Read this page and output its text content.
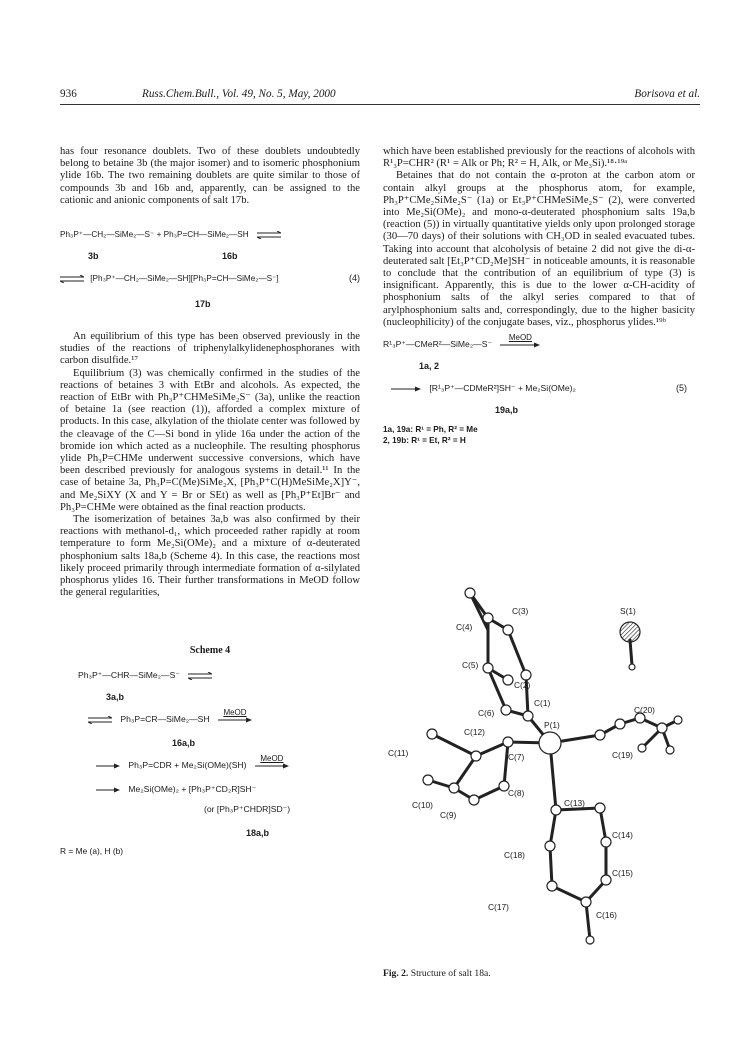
936	Russ.Chem.Bull., Vol. 49, No. 5, May, 2000	Borisova et al.

has four resonance doublets. Two of these doublets undoubtedly belong to betaine 3b (the major isomer) and to isomeric phosphonium ylide 16b. The two remaining doublets are quite similar to those of compounds 3b and 16b and, apparently, can be assigned to the cationic and anionic components of salt 17b.

Ph₃P⁺—CH₂—SiMe₂—S⁻ + Ph₃P=CH—SiMe₂—SH ⇌
3b	16b
⇌ [Ph₃P⁺—CH₂—SiMe₂—SH][Ph₃P=CH—SiMe₂—S⁻]	(4)
17b

An equilibrium of this type has been observed previously in the studies of the reactions of triphenylalkylidenephosphoranes with carbon disulfide.¹⁷

Equilibrium (3) was chemically confirmed in the studies of the reactions of betaines 3 with EtBr and alcohols. As expected, the reaction of EtBr with Ph₃P⁺CHMeSiMe₂S⁻ (3a), unlike the reaction of betaine 1a (see reaction (1)), afforded a complex mixture of products. In this case, alkylation of the thiolate center was followed by the cleavage of the C—Si bond in ylide 16a under the action of the bromide ion which acted as a nucleophile. The resulting phosphorus ylide Ph₃P=CHMe underwent successive conversions, which have been described previously for analogous systems in detail.¹¹ In the case of betaine 3a, Ph₃P=C(Me)SiMe₂X, [Ph₃P⁺C(H)MeSiMe₂X]Y⁻, and Me₂SiXY (X and Y = Br or SEt) as well as [Ph₃P⁺Et]Br⁻ and Ph₃P=CHMe were obtained as the final reaction products.

The isomerization of betaines 3a,b was also confirmed by their reactions with methanol-d₁, which proceeded rather rapidly at room temperature to form Me₂Si(OMe)₂ and a mixture of α-deuterated phosphonium salts 18a,b (Scheme 4). In this case, the reactions most likely proceed primarily through intermediate formation of α-silylated phosphorus ylides 16. Their further transformations in MeOD follow the general regularities,

Scheme 4
Ph₃P⁺—CHR—SiMe₂—S⁻ ⇌
3a,b
⇌ Ph₃P=CR—SiMe₂—SH
MeOD
16a,b
→ Ph₃P=CDR + Me₂Si(OMe)(SH)
MeOD
→ Me₂Si(OMe)₂ + [Ph₃P⁺CD₂R]SH⁻
(or [Ph₃P⁺CHDR]SD⁻)
18a,b
R = Me (a), H (b)

which have been established previously for the reactions of alcohols with R¹₃P=CHR² (R¹ = Alk or Ph; R² = H, Alk, or Me₃Si).¹⁸·¹⁹ᵃ

Betaines that do not contain the α-proton at the carbon atom or contain alkyl groups at the phosphorus atom, for example, Ph₃P⁺CMe₂SiMe₂S⁻ (1a) or Et₃P⁺CHMeSiMe₂S⁻ (2), were converted into Me₂Si(OMe)₂ and mono-α-deuterated phosphonium salts 19a,b (reaction (5)) in virtually quantitative yields only upon prolonged storage (30—70 days) of their solutions with CH₃OD in sealed evacuated tubes. Taking into account that alcoholysis of betaine 2 did not give the di-α-deuterated salt [Et₃P⁺CD₂Me]SH⁻ in noticeable amounts, it is reasonable to conclude that the contribution of an equilibrium of type (3) is insignificant. Apparently, this is due to the lower α-CH-acidity of phosphonium salts of the alkyl series compared to that of arylphosphonium salts and, correspondingly, due to the higher basicity (nucleophilicity) of the conjugate bases, viz., phosphorus ylides.¹⁹ᵇ

R¹₃P⁺—CMeR²—SiMe₂—S⁻
MeOD
1a, 2
→ [R¹₃P⁺—CDMeR²]SH⁻ + Me₂Si(OMe)₂	(5)
19a,b
1a, 19a: R¹ = Ph, R² = Me
2, 19b: R¹ = Et, R² = H
S(1)
C(4)
C(3)
C(5)
C(2)
C(1)
C(6)
C(12)
C(11)
P(1)
C(20)
C(19)
C(7)
C(10)
C(8)
C(9)
C(13)
C(14)
C(18)
C(15)
C(17)
C(16)
Fig. 2. Structure of salt 18a.
